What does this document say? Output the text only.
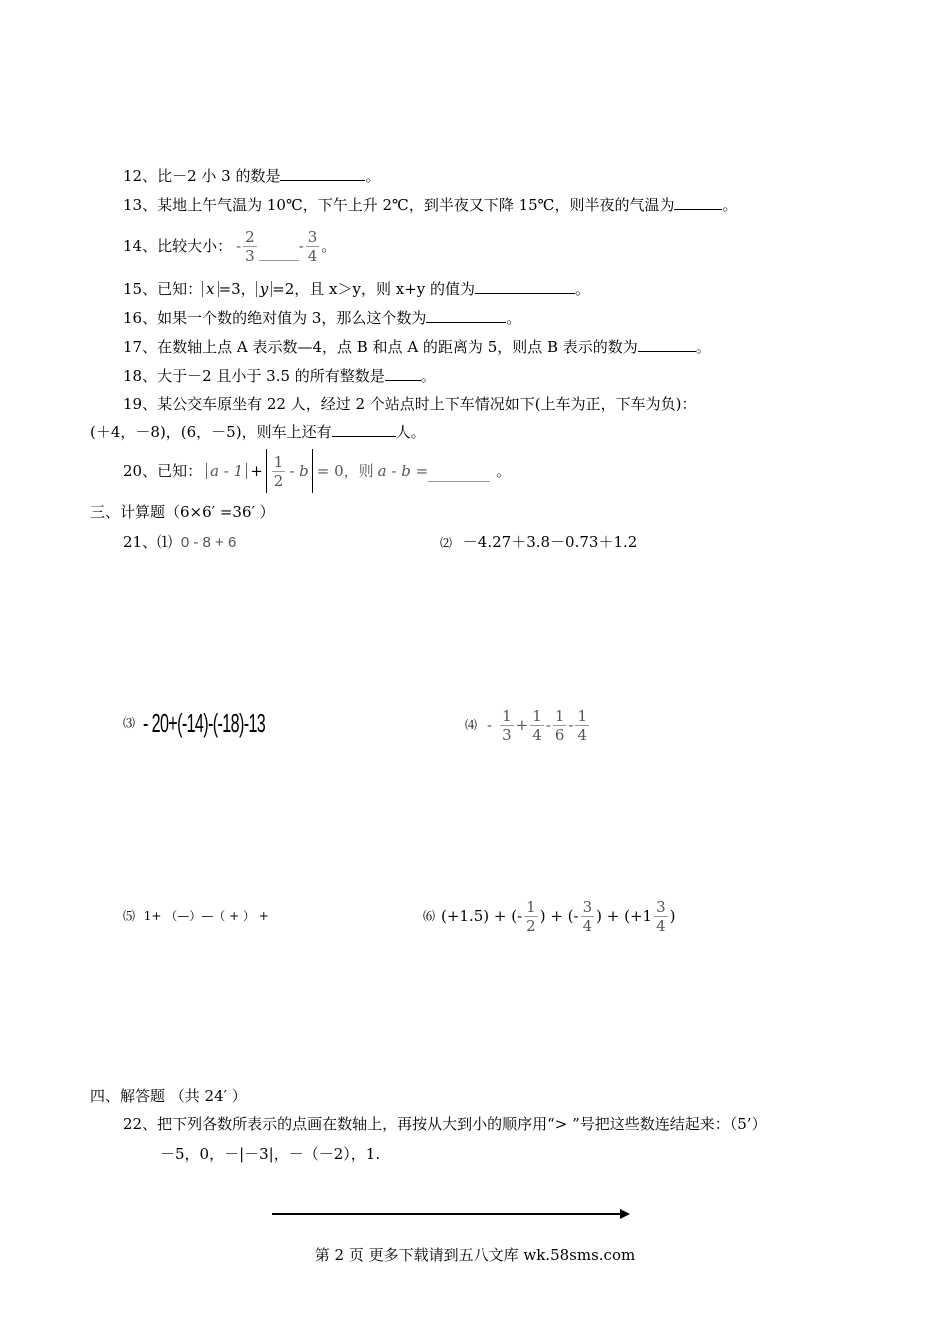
12、比－2 小 3 的数是	。
13、某地上午气温为 10℃，下午上升 2℃，到半夜又下降 15℃，则半夜的气温为	。
14、比较大小： - $\frac{2}{3}$	- $\frac{3}{4}$ 。
15、已知： x =3， y =2，且 x＞y，则 x+y 的值为	。
16、如果一个数的绝对值为 3，那么这个数为	。
17、在数轴上点 A 表示数—4，点 B 和点 A 的距离为 5，则点 B 表示的数为	。
18、大于－2 且小于 3.5 的所有整数是 。
19、某公交车原坐有 22 人，经过 2 个站点时上下车情况如下(上车为正，下车为负)：
(＋4，－8)，(6，－5)，则车上还有	人。
20、已知： $a - 1 + \frac{1}{2} - b = 0$，则 a - b =	。
三、计算题（6×6′ =36′ ）
21、⑴ 0 - 8 + 6	⑵ －4.27＋3.8－0.73＋1.2
⑶ - 20+(-14)-(-18)-13	⑷ - $\frac{1}{3} + \frac{1}{4} - \frac{1}{6} - \frac{1}{4}$
⑸ 1+ （—）—（ + ） +	⑹ (+1.5) + (- $\frac{1}{2}$ ) + (- $\frac{3}{4}$ ) + ($+1 \frac{3}{4}$ )
四、解答题 （共 24′ ）
22、把下列各数所表示的点画在数轴上，再按从大到小的顺序用“> ”号把这些数连结起来：（5’）
－5，0，－|－3|，－（－2），1.
第 2 页 更多下载请到五八文库 wk.58sms.com
